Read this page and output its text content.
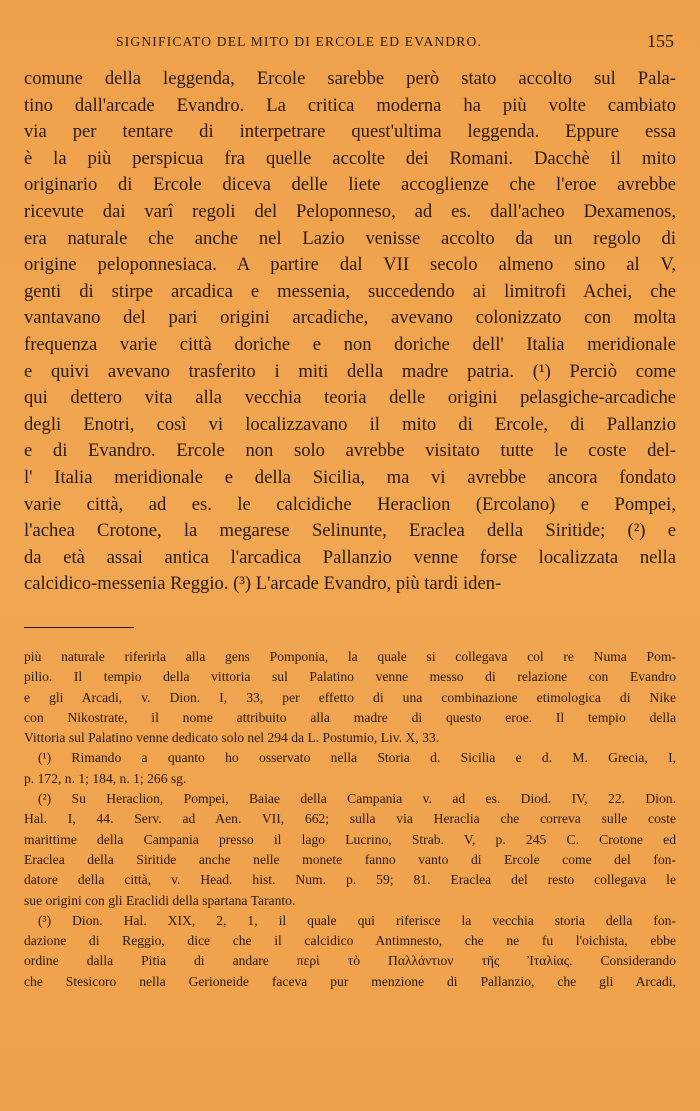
SIGNIFICATO DEL MITO DI ERCOLE ED EVANDRO.	155
comune della leggenda, Ercole sarebbe però stato accolto sul Pala-
tino dall'arcade Evandro. La critica moderna ha più volte cambiato
via per tentare di interpetrare quest'ultima leggenda. Eppure essa
è la più perspicua fra quelle accolte dei Romani. Dacchè il mito
originario di Ercole diceva delle liete accoglienze che l'eroe avrebbe
ricevute dai varî regoli del Peloponneso, ad es. dall'acheo Dexamenos,
era naturale che anche nel Lazio venisse accolto da un regolo di
origine peloponnesiaca. A partire dal VII secolo almeno sino al V,
genti di stirpe arcadica e messenia, succedendo ai limitrofi Achei, che
vantavano del pari origini arcadiche, avevano colonizzato con molta
frequenza varie città doriche e non doriche dell' Italia meridionale
e quivi avevano trasferito i miti della madre patria. (¹) Perciò come
qui dettero vita alla vecchia teoria delle origini pelasgiche-arcadiche
degli Enotri, così vi localizzavano il mito di Ercole, di Pallanzio
e di Evandro. Ercole non solo avrebbe visitato tutte le coste del-
l' Italia meridionale e della Sicilia, ma vi avrebbe ancora fondato
varie città, ad es. le calcidiche Heraclion (Ercolano) e Pompei,
l'achea Crotone, la megarese Selinunte, Eraclea della Siritide; (²) e
da età assai antica l'arcadica Pallanzio venne forse localizzata nella
calcidico-messenia Reggio. (³) L'arcade Evandro, più tardi iden-
più naturale riferirla alla gens Pomponia, la quale si collegava col re Numa Pom-
pilio. Il tempio della vittoria sul Palatino venne messo di relazione con Evandro
e gli Arcadi, v. Dion. I, 33, per effetto di una combinazione etimologica di Nike
con Nikostrate, il nome attribuito alla madre di questo eroe. Il tempio della
Vittoria sul Palatino venne dedicato solo nel 294 da L. Postumio, Liv. X, 33.
(¹) Rimando a quanto ho osservato nella Storia d. Sicilia e d. M. Grecia, I,
p. 172, n. 1; 184, n. 1; 266 sg.
(²) Su Heraclion, Pompei, Baiae della Campania v. ad es. Diod. IV, 22. Dion.
Hal. I, 44. Serv. ad Aen. VII, 662; sulla via Heraclia che correva sulle coste
marittime della Campania presso il lago Lucrino, Strab. V, p. 245 C. Crotone ed
Eraclea della Siritide anche nelle monete fanno vanto di Ercole come del fon-
datore della città, v. Head. hist. Num. p. 59; 81. Eraclea del resto collegava le
sue origini con gli Eraclidi della spartana Taranto.
(³) Dion. Hal. XIX, 2, 1, il quale qui riferisce la vecchia storia della fon-
dazione di Reggio, dice che il calcidico Antimnesto, che ne fu l'oichista, ebbe
ordine dalla Pitia di andare περὶ τὸ Παλλάντιον τῆς Ἰταλίας. Considerando
che Stesicoro nella Gerioneide faceva pur menzione di Pallanzio, che gli Arcadi,
